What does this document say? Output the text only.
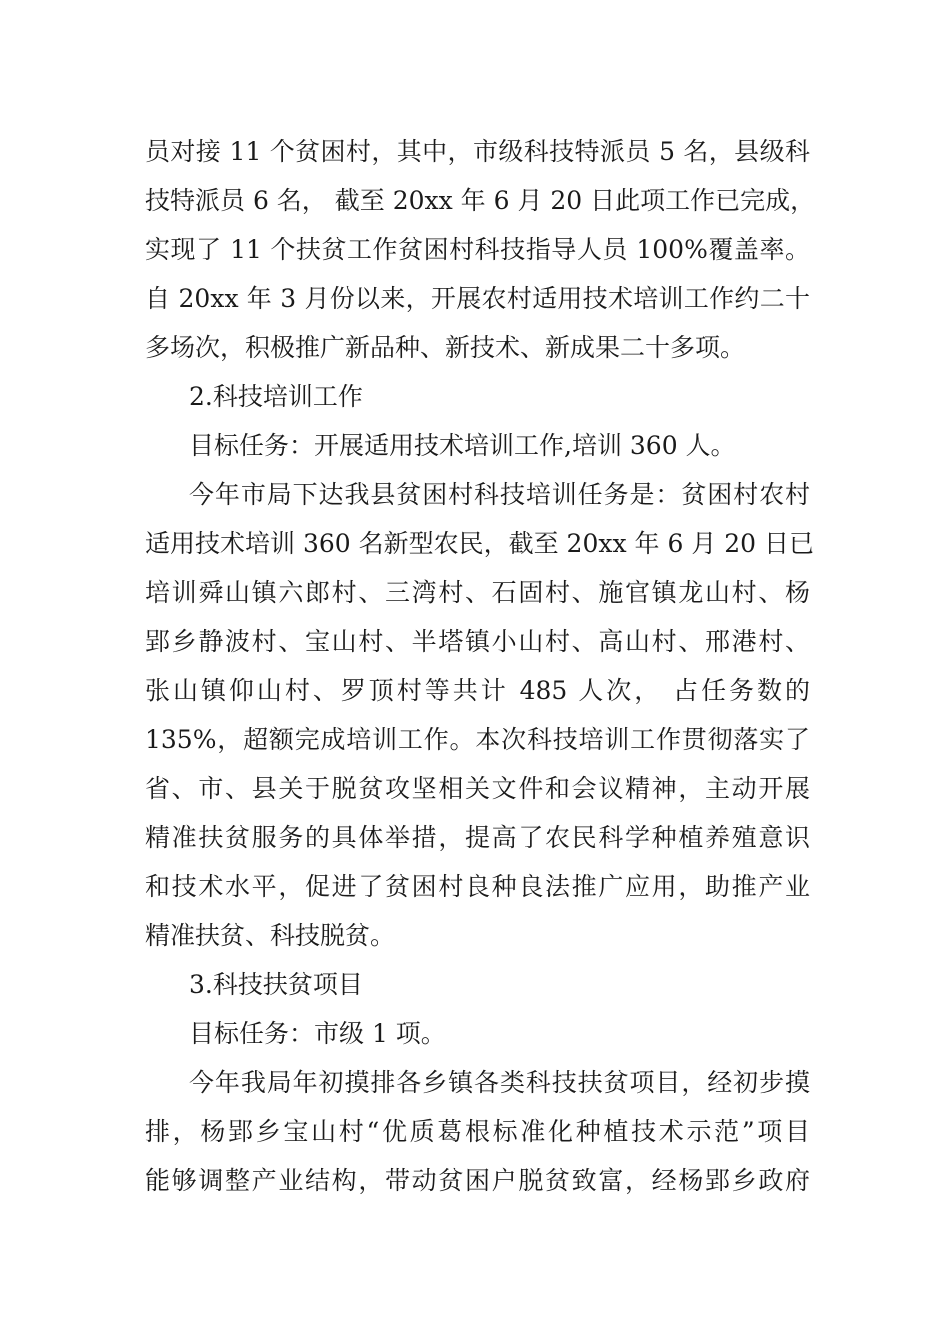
员对接 11 个贫困村，其中，市级科技特派员 5 名，县级科
技特派员 6 名， 截至 20xx 年 6 月 20 日此项工作已完成，
实现了 11 个扶贫工作贫困村科技指导人员 100%覆盖率。
自 20xx 年 3 月份以来，开展农村适用技术培训工作约二十
多场次，积极推广新品种、新技术、新成果二十多项。
2.科技培训工作
目标任务：开展适用技术培训工作,培训 360 人。
今年市局下达我县贫困村科技培训任务是：贫困村农村
适用技术培训 360 名新型农民，截至 20xx 年 6 月 20 日已
培训舜山镇六郎村、三湾村、石固村、施官镇龙山村、杨
郢乡静波村、宝山村、半塔镇小山村、高山村、邢港村、
张山镇仰山村、罗顶村等共计 485 人次， 占任务数的
135%，超额完成培训工作。本次科技培训工作贯彻落实了
省、市、县关于脱贫攻坚相关文件和会议精神，主动开展
精准扶贫服务的具体举措，提高了农民科学种植养殖意识
和技术水平，促进了贫困村良种良法推广应用，助推产业
精准扶贫、科技脱贫。
3.科技扶贫项目
目标任务：市级 1 项。
今年我局年初摸排各乡镇各类科技扶贫项目，经初步摸
排，杨郢乡宝山村“优质葛根标准化种植技术示范”项目
能够调整产业结构，带动贫困户脱贫致富，经杨郢乡政府
